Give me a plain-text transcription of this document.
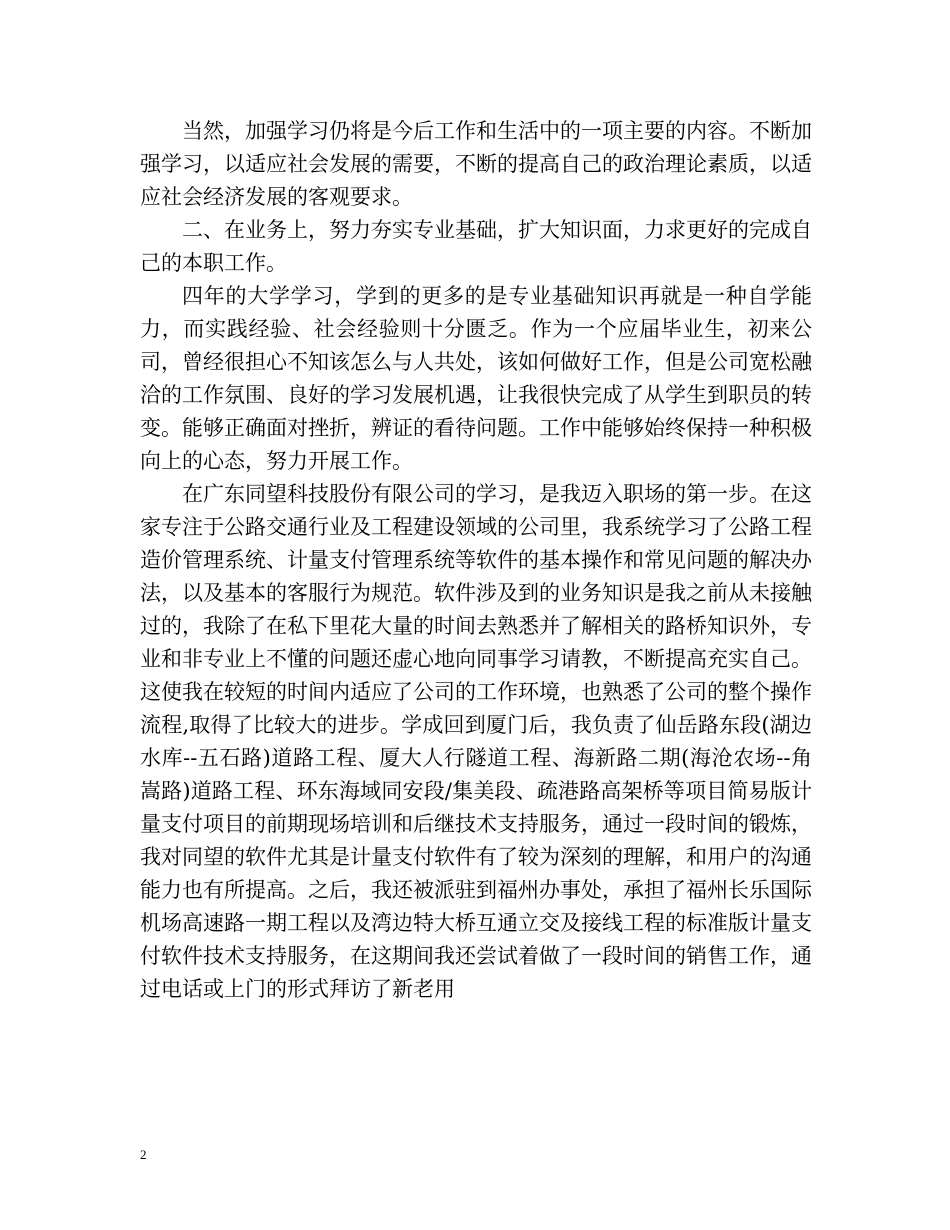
当然，加强学习仍将是今后工作和生活中的一项主要的内容。不断加强学习，以适应社会发展的需要，不断的提高自己的政治理论素质，以适应社会经济发展的客观要求。

二、在业务上，努力夯实专业基础，扩大知识面，力求更好的完成自己的本职工作。

四年的大学学习，学到的更多的是专业基础知识再就是一种自学能力，而实践经验、社会经验则十分匮乏。作为一个应届毕业生，初来公司，曾经很担心不知该怎么与人共处，该如何做好工作，但是公司宽松融洽的工作氛围、良好的学习发展机遇，让我很快完成了从学生到职员的转变。能够正确面对挫折，辨证的看待问题。工作中能够始终保持一种积极向上的心态，努力开展工作。

在广东同望科技股份有限公司的学习，是我迈入职场的第一步。在这家专注于公路交通行业及工程建设领域的公司里，我系统学习了公路工程造价管理系统、计量支付管理系统等软件的基本操作和常见问题的解决办法，以及基本的客服行为规范。软件涉及到的业务知识是我之前从未接触过的，我除了在私下里花大量的时间去熟悉并了解相关的路桥知识外，专业和非专业上不懂的问题还虚心地向同事学习请教，不断提高充实自己。这使我在较短的时间内适应了公司的工作环境，也熟悉了公司的整个操作流程,取得了比较大的进步。学成回到厦门后，我负责了仙岳路东段(湖边水库--五石路)道路工程、厦大人行隧道工程、海新路二期(海沧农场--角嵩路)道路工程、环东海域同安段/集美段、疏港路高架桥等项目简易版计量支付项目的前期现场培训和后继技术支持服务，通过一段时间的锻炼，我对同望的软件尤其是计量支付软件有了较为深刻的理解，和用户的沟通能力也有所提高。之后，我还被派驻到福州办事处，承担了福州长乐国际机场高速路一期工程以及湾边特大桥互通立交及接线工程的标准版计量支付软件技术支持服务，在这期间我还尝试着做了一段时间的销售工作，通过电话或上门的形式拜访了新老用

2
